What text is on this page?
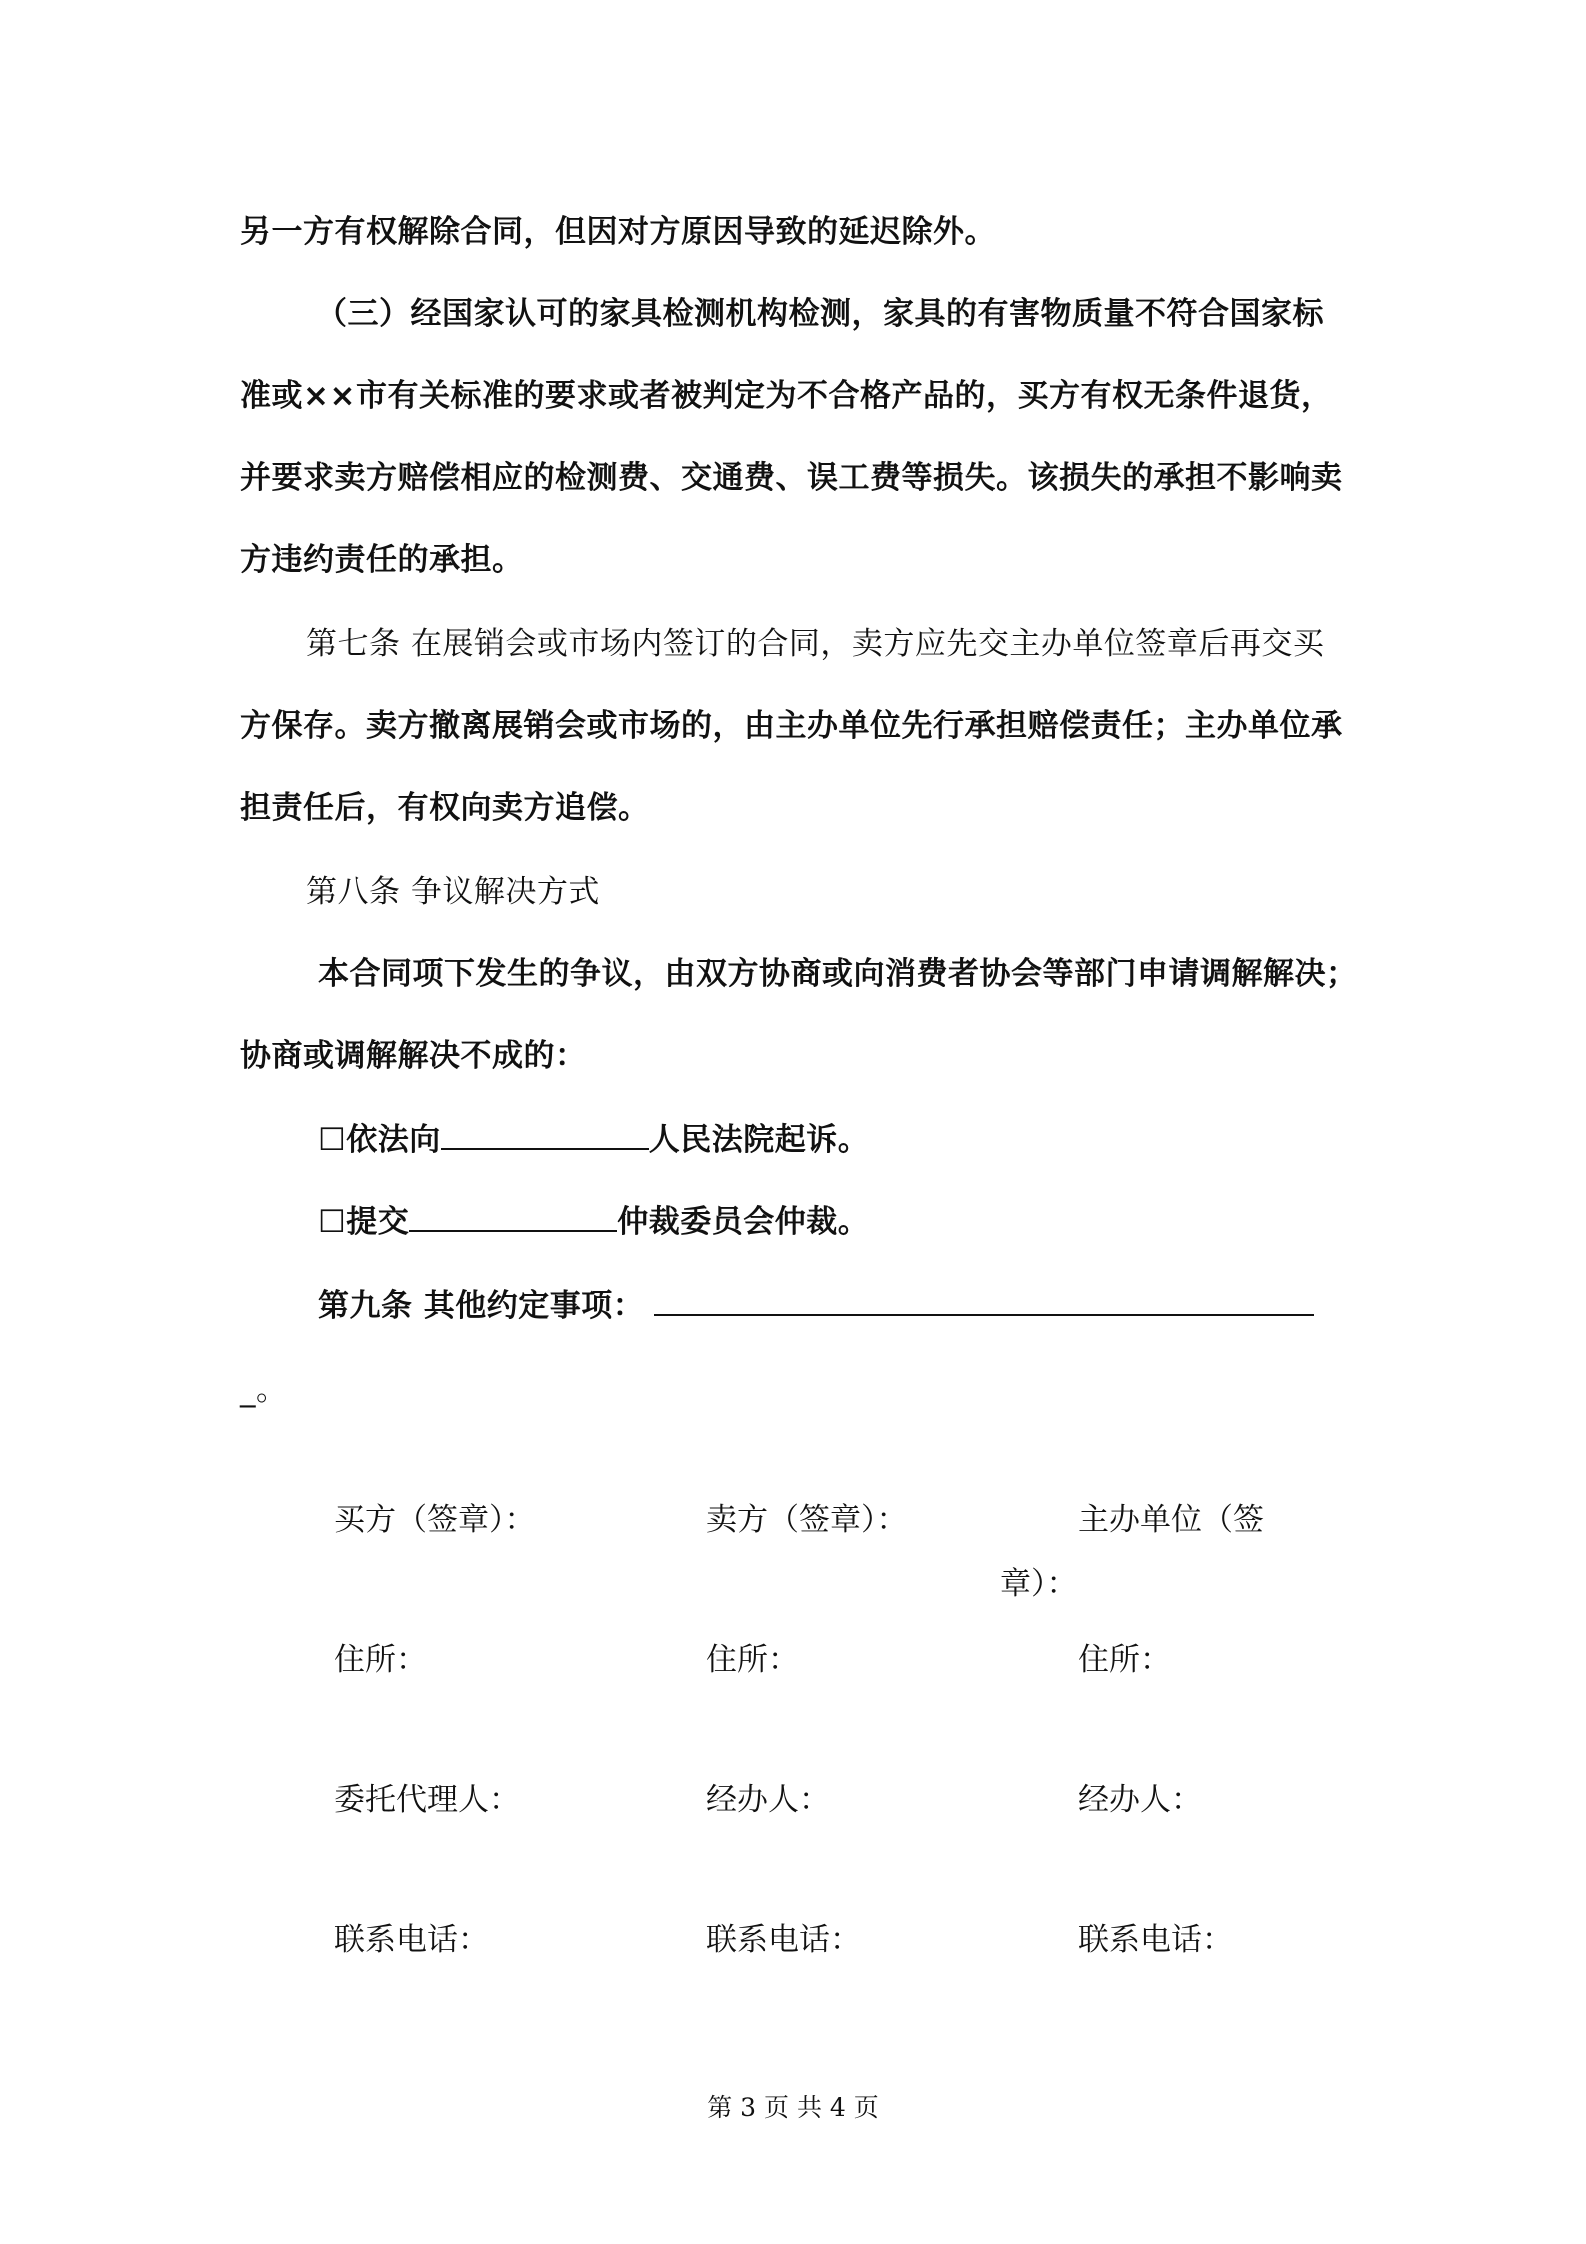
另一方有权解除合同，但因对方原因导致的延迟除外。
（三）经国家认可的家具检测机构检测，家具的有害物质量不符合国家标
准或××市有关标准的要求或者被判定为不合格产品的，买方有权无条件退货，
并要求卖方赔偿相应的检测费、交通费、误工费等损失。该损失的承担不影响卖
方违约责任的承担。
第七条 在展销会或市场内签订的合同，卖方应先交主办单位签章后再交买
方保存。卖方撤离展销会或市场的，由主办单位先行承担赔偿责任；主办单位承
担责任后，有权向卖方追偿。
第八条 争议解决方式
本合同项下发生的争议，由双方协商或向消费者协会等部门申请调解解决；
协商或调解解决不成的：
☐依法向	人民法院起诉。
☐提交	仲裁委员会仲裁。
第九条 其他约定事项：
_。
买方（签章）：	卖方（签章）：	主办单位（签
章）：
住所：	住所：	住所：
委托代理人：	经办人：	经办人：
联系电话：	联系电话：	联系电话：
第 3 页 共 4 页
